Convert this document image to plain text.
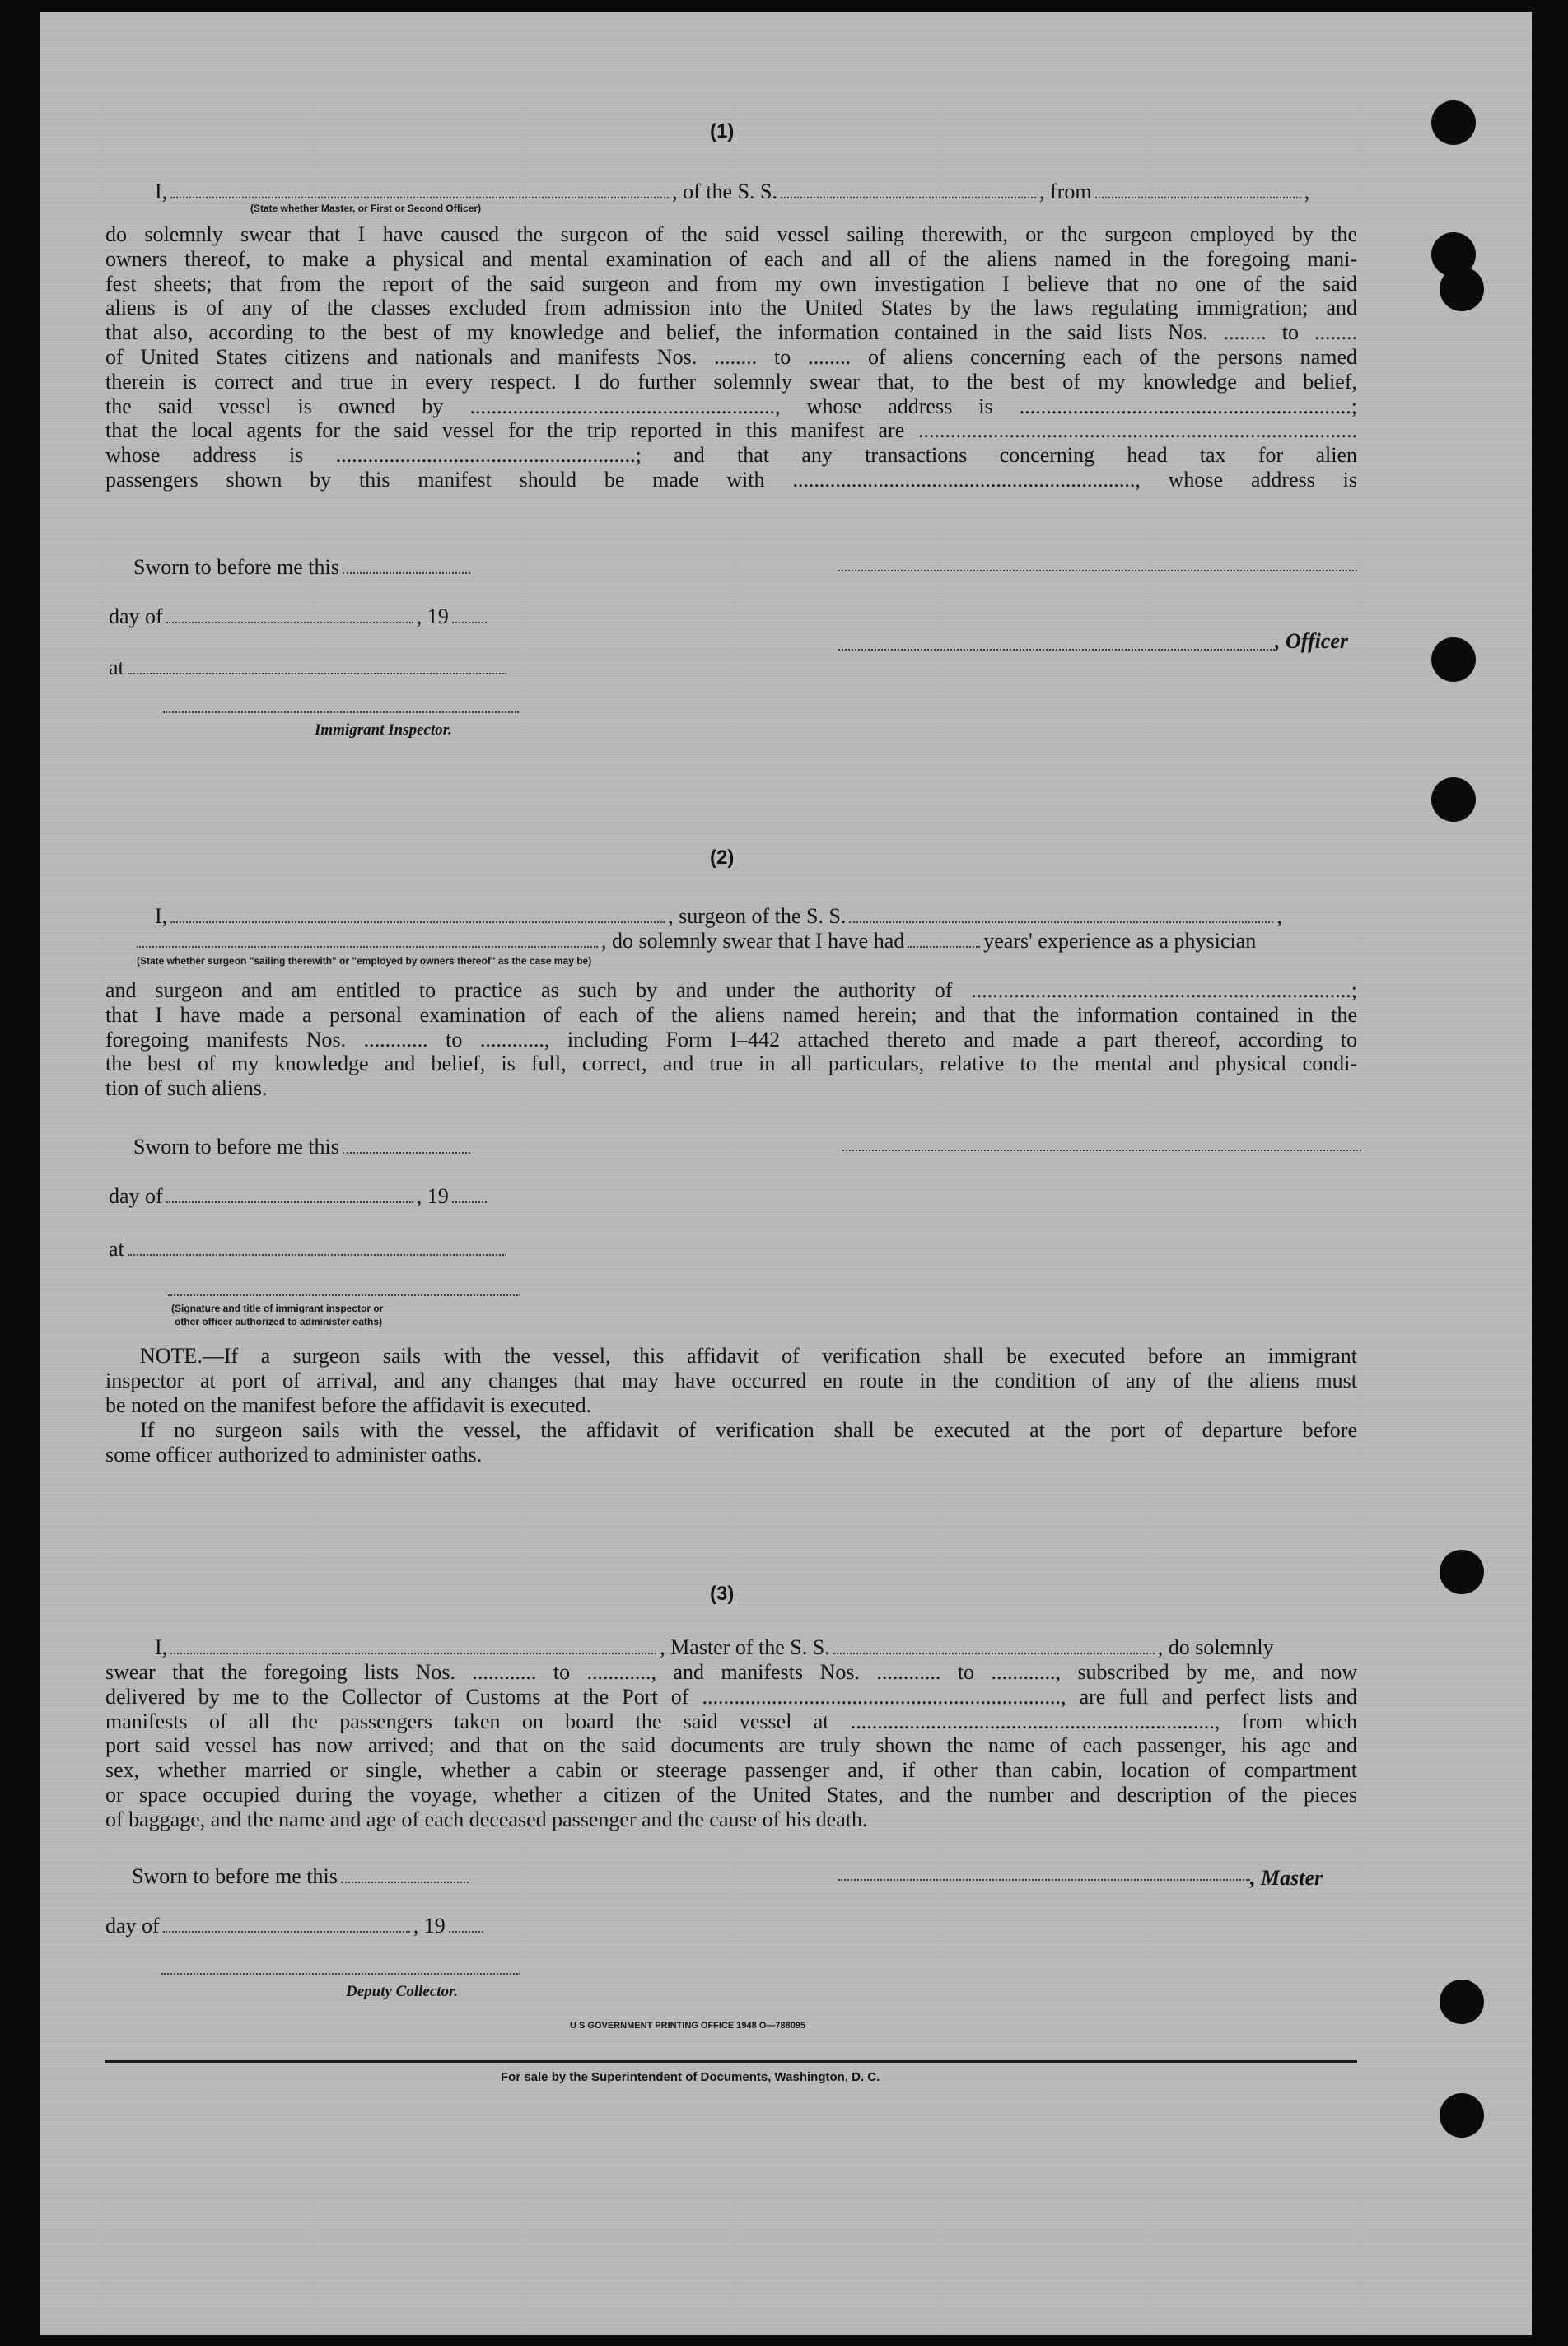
(1)
I,	, of the S. S.	, from	,
(State whether Master, or First or Second Officer)
do solemnly swear that I have caused the surgeon of the said vessel sailing therewith, or the surgeon employed by the
owners thereof, to make a physical and mental examination of each and all of the aliens named in the foregoing mani-
fest sheets; that from the report of the said surgeon and from my own investigation I believe that no one of the said
aliens is of any of the classes excluded from admission into the United States by the laws regulating immigration; and
that also, according to the best of my knowledge and belief, the information contained in the said lists Nos. ........ to ........
of United States citizens and nationals and manifests Nos. ........ to ........ of aliens concerning each of the persons named
therein is correct and true in every respect. I do further solemnly swear that, to the best of my knowledge and belief,
the said vessel is owned by ........................................................., whose address is ..............................................................;
that the local agents for the said vessel for the trip reported in this manifest are ..................................................................................
whose address is ........................................................; and that any transactions concerning head tax for alien
passengers shown by this manifest should be made with ................................................................, whose address is
Sworn to before me this
day of	, 19
at
, Officer
Immigrant Inspector.
(2)
I,	, surgeon of the S. S.	,
, do solemnly swear that I have had	years' experience as a physician
(State whether surgeon "sailing therewith" or "employed by owners thereof" as the case may be)
and surgeon and am entitled to practice as such by and under the authority of .......................................................................;
that I have made a personal examination of each of the aliens named herein; and that the information contained in the
foregoing manifests Nos. ............ to ............, including Form I–442 attached thereto and made a part thereof, according to
the best of my knowledge and belief, is full, correct, and true in all particulars, relative to the mental and physical condi-
tion of such aliens.
Sworn to before me this
day of	, 19
at
(Signature and title of immigrant inspector or
other officer authorized to administer oaths)
NOTE.—If a surgeon sails with the vessel, this affidavit of verification shall be executed before an immigrant
inspector at port of arrival, and any changes that may have occurred en route in the condition of any of the aliens must
be noted on the manifest before the affidavit is executed.
If no surgeon sails with the vessel, the affidavit of verification shall be executed at the port of departure before
some officer authorized to administer oaths.
(3)
I,	, Master of the S. S.	, do solemnly
swear that the foregoing lists Nos. ............ to ............, and manifests Nos. ............ to ............, subscribed by me, and now
delivered by me to the Collector of Customs at the Port of ..................................................................., are full and perfect lists and
manifests of all the passengers taken on board the said vessel at ...................................................................., from which
port said vessel has now arrived; and that on the said documents are truly shown the name of each passenger, his age and
sex, whether married or single, whether a cabin or steerage passenger and, if other than cabin, location of compartment
or space occupied during the voyage, whether a citizen of the United States, and the number and description of the pieces
of baggage, and the name and age of each deceased passenger and the cause of his death.
Sworn to before me this	, Master
day of	, 19
Deputy Collector.
U S GOVERNMENT PRINTING OFFICE 1948 O—788095
For sale by the Superintendent of Documents, Washington, D. C.
